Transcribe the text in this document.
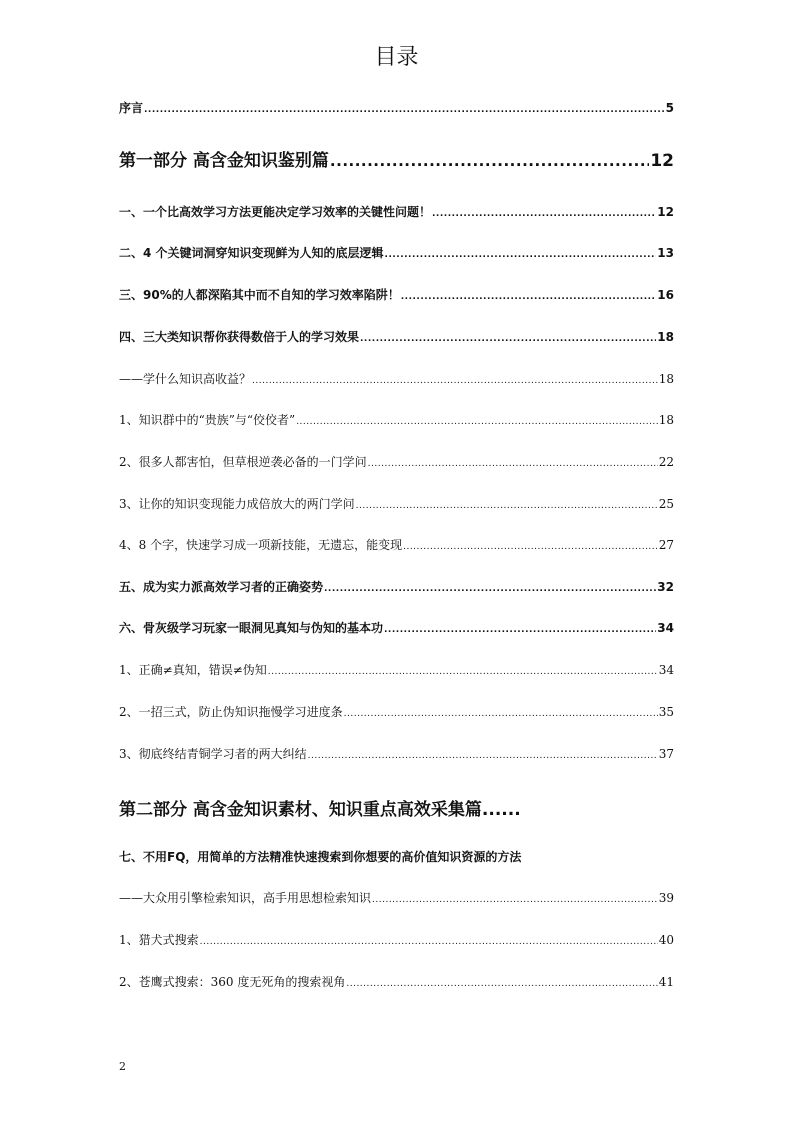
目录
序言 .....	5
第一部分 高含金知识鉴别篇 .....	12
一、一个比高效学习方法更能决定学习效率的关键性问题！ .....	12
二、4 个关键词洞穿知识变现鲜为人知的底层逻辑 .....	13
三、90%的人都深陷其中而不自知的学习效率陷阱！ .....	16
四、三大类知识帮你获得数倍于人的学习效果 .....	18
——学什么知识高收益？ .....	18
1、知识群中的“贵族”与“佼佼者” .....	18
2、很多人都害怕，但草根逆袭必备的一门学问 .....	22
3、让你的知识变现能力成倍放大的两门学问 .....	25
4、8 个字，快速学习成一项新技能，无遗忘，能变现 .....	27
五、成为实力派高效学习者的正确姿势 .....	32
六、骨灰级学习玩家一眼洞见真知与伪知的基本功 .....	34
1、正确≠真知，错误≠伪知 .....	34
2、一招三式，防止伪知识拖慢学习进度条 .....	35
3、彻底终结青铜学习者的两大纠结 .....	37
第二部分 高含金知识素材、知识重点高效采集篇......
七、不用FQ，用简单的方法精准快速搜索到你想要的高价值知识资源的方法
——大众用引擎检索知识，高手用思想检索知识 .....	39
1、猎犬式搜索 .....	40
2、苍鹰式搜索：360 度无死角的搜索视角 .....	41
2
